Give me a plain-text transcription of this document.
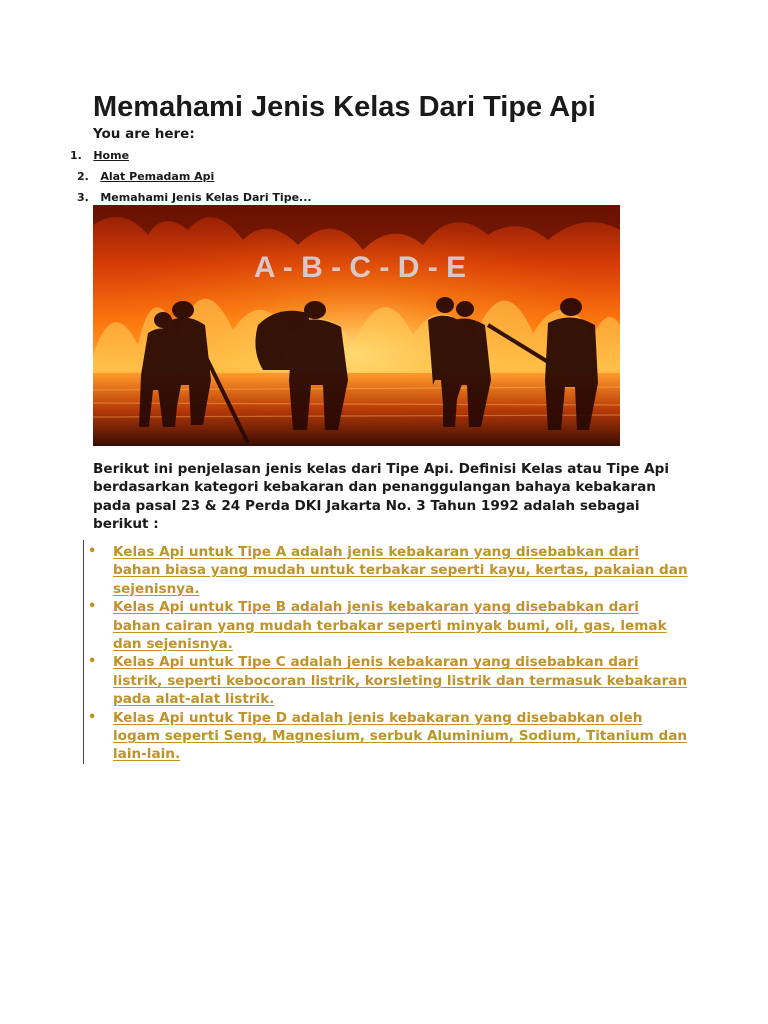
Memahami Jenis Kelas Dari Tipe Api
You are here:
1. Home
2. Alat Pemadam Api
3. Memahami Jenis Kelas Dari Tipe...
A - B - C - D - E

Berikut ini penjelasan jenis kelas dari Tipe Api. Definisi Kelas atau Tipe Api berdasarkan kategori kebakaran dan penanggulangan bahaya kebakaran pada pasal 23 & 24 Perda DKI Jakarta No. 3 Tahun 1992 adalah sebagai berikut :

• Kelas Api untuk Tipe A adalah jenis kebakaran yang disebabkan dari bahan biasa yang mudah untuk terbakar seperti kayu, kertas, pakaian dan sejenisnya.
• Kelas Api untuk Tipe B adalah jenis kebakaran yang disebabkan dari bahan cairan yang mudah terbakar seperti minyak bumi, oli, gas, lemak dan sejenisnya.
• Kelas Api untuk Tipe C adalah jenis kebakaran yang disebabkan dari listrik, seperti kebocoran listrik, korsleting listrik dan termasuk kebakaran pada alat-alat listrik.
• Kelas Api untuk Tipe D adalah jenis kebakaran yang disebabkan oleh logam seperti Seng, Magnesium, serbuk Aluminium, Sodium, Titanium dan lain-lain.
